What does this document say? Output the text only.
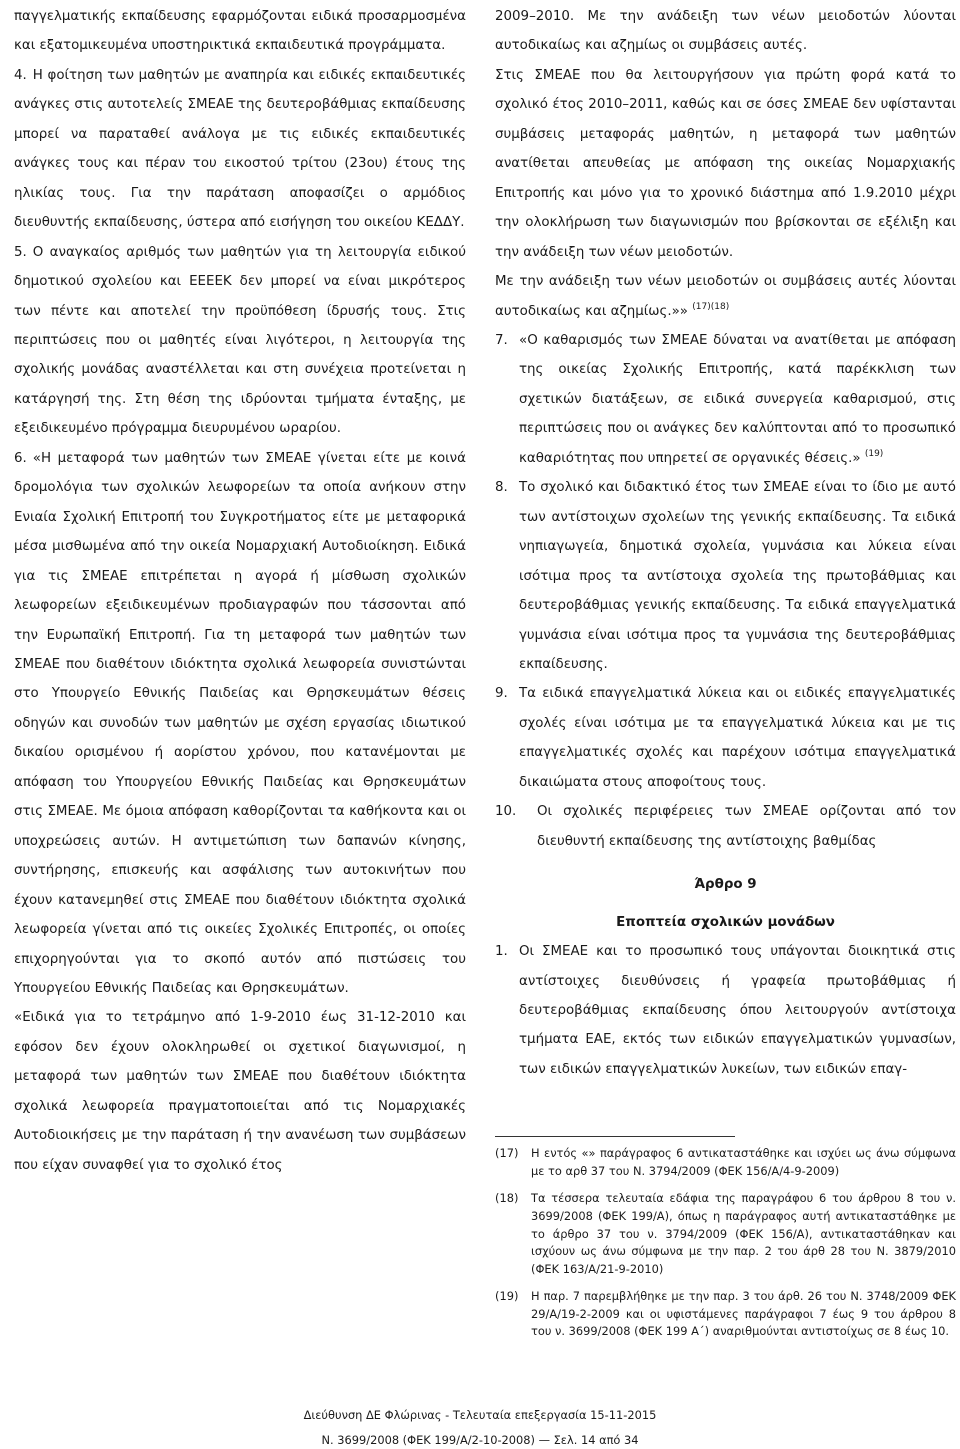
παγγελματικής εκπαίδευσης εφαρμόζονται ειδικά προσαρμοσμένα και εξατομικευμένα υποστηρικτικά εκπαιδευτικά προγράμματα.

4. Η φοίτηση των μαθητών με αναπηρία και ειδικές εκπαιδευτικές ανάγκες στις αυτοτελείς ΣΜΕΑΕ της δευτεροβάθμιας εκπαίδευσης μπορεί να παραταθεί ανάλογα με τις ειδικές εκπαιδευτικές ανάγκες τους και πέραν του εικοστού τρίτου (23ου) έτους της ηλικίας τους. Για την παράταση αποφασίζει ο αρμόδιος διευθυντής εκπαίδευσης, ύστερα από εισήγηση του οικείου ΚΕΔΔΥ.

5. Ο αναγκαίος αριθμός των μαθητών για τη λειτουργία ειδικού δημοτικού σχολείου και ΕΕΕΕΚ δεν μπορεί να είναι μικρότερος των πέντε και αποτελεί την προϋπόθεση ίδρυσής τους. Στις περιπτώσεις που οι μαθητές είναι λιγότεροι, η λειτουργία της σχολικής μονάδας αναστέλλεται και στη συνέχεια προτείνεται η κατάργησή της. Στη θέση της ιδρύονται τμήματα ένταξης, με εξειδικευμένο πρόγραμμα διευρυμένου ωραρίου.

6. «Η μεταφορά των μαθητών των ΣΜΕΑΕ γίνεται είτε με κοινά δρομολόγια των σχολικών λεωφορείων τα οποία ανήκουν στην Ενιαία Σχολική Επιτροπή του Συγκροτήματος είτε με μεταφορικά μέσα μισθωμένα από την οικεία Νομαρχιακή Αυτοδιοίκηση. Ειδικά για τις ΣΜΕΑΕ επιτρέπεται η αγορά ή μίσθωση σχολικών λεωφορείων εξειδικευμένων προδιαγραφών που τάσσονται από την Ευρωπαϊκή Επιτροπή. Για τη μεταφορά των μαθητών των ΣΜΕΑΕ που διαθέτουν ιδιόκτητα σχολικά λεωφορεία συνιστώνται στο Υπουργείο Εθνικής Παιδείας και Θρησκευμάτων θέσεις οδηγών και συνοδών των μαθητών με σχέση εργασίας ιδιωτικού δικαίου ορισμένου ή αορίστου χρόνου, που κατανέμονται με απόφαση του Υπουργείου Εθνικής Παιδείας και Θρησκευμάτων στις ΣΜΕΑΕ. Με όμοια απόφαση καθορίζονται τα καθήκοντα και οι υποχρεώσεις αυτών. Η αντιμετώπιση των δαπανών κίνησης, συντήρησης, επισκευής και ασφάλισης των αυτοκινήτων που έχουν κατανεμηθεί στις ΣΜΕΑΕ που διαθέτουν ιδιόκτητα σχολικά λεωφορεία γίνεται από τις οικείες Σχολικές Επιτροπές, οι οποίες επιχορηγούνται για το σκοπό αυτόν από πιστώσεις του Υπουργείου Εθνικής Παιδείας και Θρησκευμάτων.

«Ειδικά για το τετράμηνο από 1-9-2010 έως 31-12-2010 και εφόσον δεν έχουν ολοκληρωθεί οι σχετικοί διαγωνισμοί, η μεταφορά των μαθητών των ΣΜΕΑΕ που διαθέτουν ιδιόκτητα σχολικά λεωφορεία πραγματοποιείται από τις Νομαρχιακές Αυτοδιοικήσεις με την παράταση ή την ανανέωση των συμβάσεων που είχαν συναφθεί για το σχολικό έτος

2009–2010. Με την ανάδειξη των νέων μειοδοτών λύονται αυτοδικαίως και αζημίως οι συμβάσεις αυτές.

Στις ΣΜΕΑΕ που θα λειτουργήσουν για πρώτη φορά κατά το σχολικό έτος 2010–2011, καθώς και σε όσες ΣΜΕΑΕ δεν υφίστανται συμβάσεις μεταφοράς μαθητών, η μεταφορά των μαθητών ανατίθεται απευθείας με απόφαση της οικείας Νομαρχιακής Επιτροπής και μόνο για το χρονικό διάστημα από 1.9.2010 μέχρι την ολοκλήρωση των διαγωνισμών που βρίσκονται σε εξέλιξη και την ανάδειξη των νέων μειοδοτών.

Με την ανάδειξη των νέων μειοδοτών οι συμβάσεις αυτές λύονται αυτοδικαίως και αζημίως.»» $^{(17)(18)}$

7. «Ο καθαρισμός των ΣΜΕΑΕ δύναται να ανατίθεται με απόφαση της οικείας Σχολικής Επιτροπής, κατά παρέκκλιση των σχετικών διατάξεων, σε ειδικά συνεργεία καθαρισμού, στις περιπτώσεις που οι ανάγκες δεν καλύπτονται από το προσωπικό καθαριότητας που υπηρετεί σε οργανικές θέσεις.» $^{(19)}$

8. Το σχολικό και διδακτικό έτος των ΣΜΕΑΕ είναι το ίδιο με αυτό των αντίστοιχων σχολείων της γενικής εκπαίδευσης. Τα ειδικά νηπιαγωγεία, δημοτικά σχολεία, γυμνάσια και λύκεια είναι ισότιμα προς τα αντίστοιχα σχολεία της πρωτοβάθμιας και δευτεροβάθμιας γενικής εκπαίδευσης. Τα ειδικά επαγγελματικά γυμνάσια είναι ισότιμα προς τα γυμνάσια της δευτεροβάθμιας εκπαίδευσης.

9. Τα ειδικά επαγγελματικά λύκεια και οι ειδικές επαγγελματικές σχολές είναι ισότιμα με τα επαγγελματικά λύκεια και με τις επαγγελματικές σχολές και παρέχουν ισότιμα επαγγελματικά δικαιώματα στους αποφοίτους τους.

10. Οι σχολικές περιφέρειες των ΣΜΕΑΕ ορίζονται από τον διευθυντή εκπαίδευσης της αντίστοιχης βαθμίδας

Άρθρο 9

Εποπτεία σχολικών μονάδων

1. Οι ΣΜΕΑΕ και το προσωπικό τους υπάγονται διοικητικά στις αντίστοιχες διευθύνσεις ή γραφεία πρωτοβάθμιας ή δευτεροβάθμιας εκπαίδευσης όπου λειτουργούν αντίστοιχα τμήματα ΕΑΕ, εκτός των ειδικών επαγγελματικών γυμνασίων, των ειδικών επαγγελματικών λυκείων, των ειδικών επαγ-

(17) Η εντός «» παράγραφος 6 αντικαταστάθηκε και ισχύει ως άνω σύμφωνα με το αρθ 37 του Ν. 3794/2009 (ΦΕΚ 156/Α/4-9-2009)
(18) Τα τέσσερα τελευταία εδάφια της παραγράφου 6 του άρθρου 8 του ν. 3699/2008 (ΦΕΚ 199/Α), όπως η παράγραφος αυτή αντικαταστάθηκε με το άρθρο 37 του ν. 3794/2009 (ΦΕΚ 156/Α), αντικαταστάθηκαν και ισχύουν ως άνω σύμφωνα με την παρ. 2 του άρθ 28 του Ν. 3879/2010 (ΦΕΚ 163/Α/21-9-2010)
(19) Η παρ. 7 παρεμβλήθηκε με την παρ. 3 του άρθ. 26 του Ν. 3748/2009 ΦΕΚ 29/Α/19-2-2009 και οι υφιστάμενες παράγραφοι 7 έως 9 του άρθρου 8 του ν. 3699/2008 (ΦΕΚ 199 Α΄) αναριθμούνται αντιστοίχως σε 8 έως 10.
Διεύθυνση ΔΕ Φλώρινας - Τελευταία επεξεργασία 15-11-2015
Ν. 3699/2008 (ΦΕΚ 199/Α/2-10-2008) — Σελ. 14 από 34
